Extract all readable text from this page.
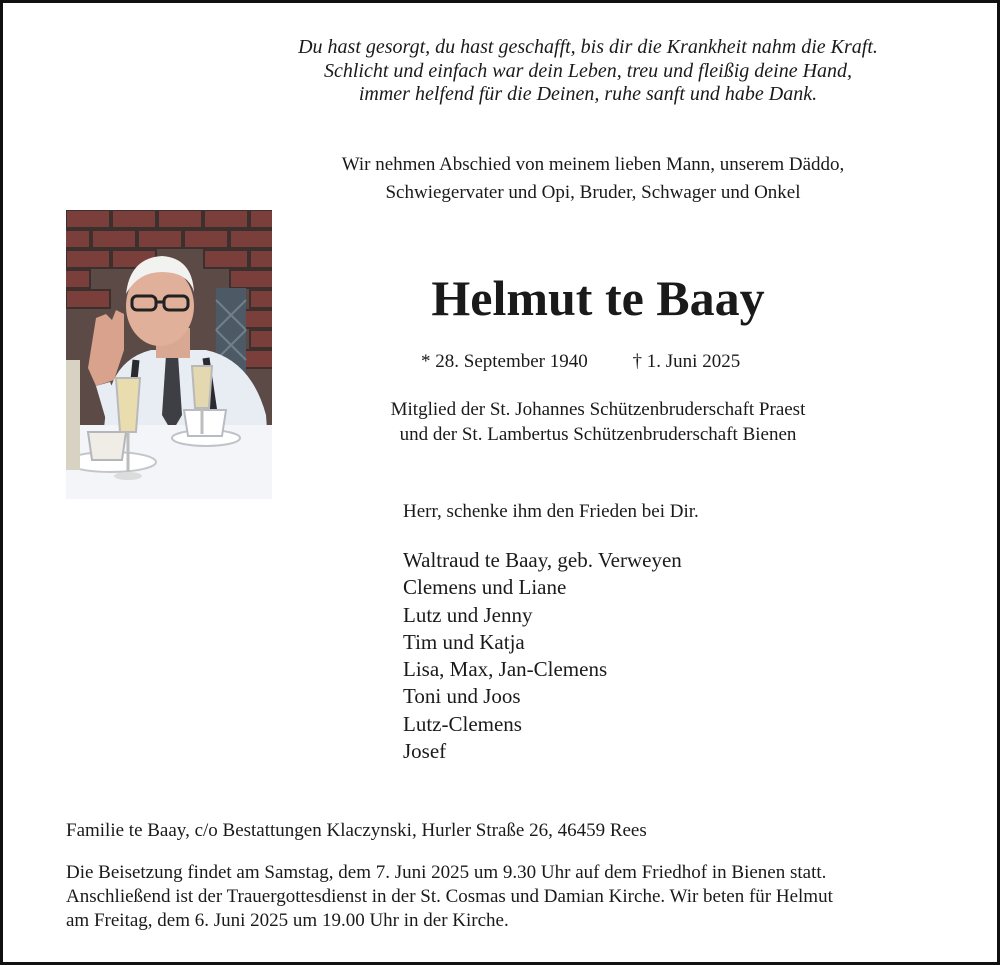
Du hast gesorgt, du hast geschafft, bis dir die Krankheit nahm die Kraft.
Schlicht und einfach war dein Leben, treu und fleißig deine Hand,
immer helfend für die Deinen, ruhe sanft und habe Dank.
Wir nehmen Abschied von meinem lieben Mann, unserem Däddo,
Schwiegervater und Opi, Bruder, Schwager und Onkel
Helmut te Baay
* 28. September 1940 † 1. Juni 2025
Mitglied der St. Johannes Schützenbruderschaft Praest
und der St. Lambertus Schützenbruderschaft Bienen
Herr, schenke ihm den Frieden bei Dir.
Waltraud te Baay, geb. Verweyen
Clemens und Liane
Lutz und Jenny
Tim und Katja
Lisa, Max, Jan-Clemens
Toni und Joos
Lutz-Clemens
Josef
Familie te Baay, c/o Bestattungen Klaczynski, Hurler Straße 26, 46459 Rees
Die Beisetzung findet am Samstag, dem 7. Juni 2025 um 9.30 Uhr auf dem Friedhof in Bienen statt.
Anschließend ist der Trauergottesdienst in der St. Cosmas und Damian Kirche. Wir beten für Helmut
am Freitag, dem 6. Juni 2025 um 19.00 Uhr in der Kirche.
